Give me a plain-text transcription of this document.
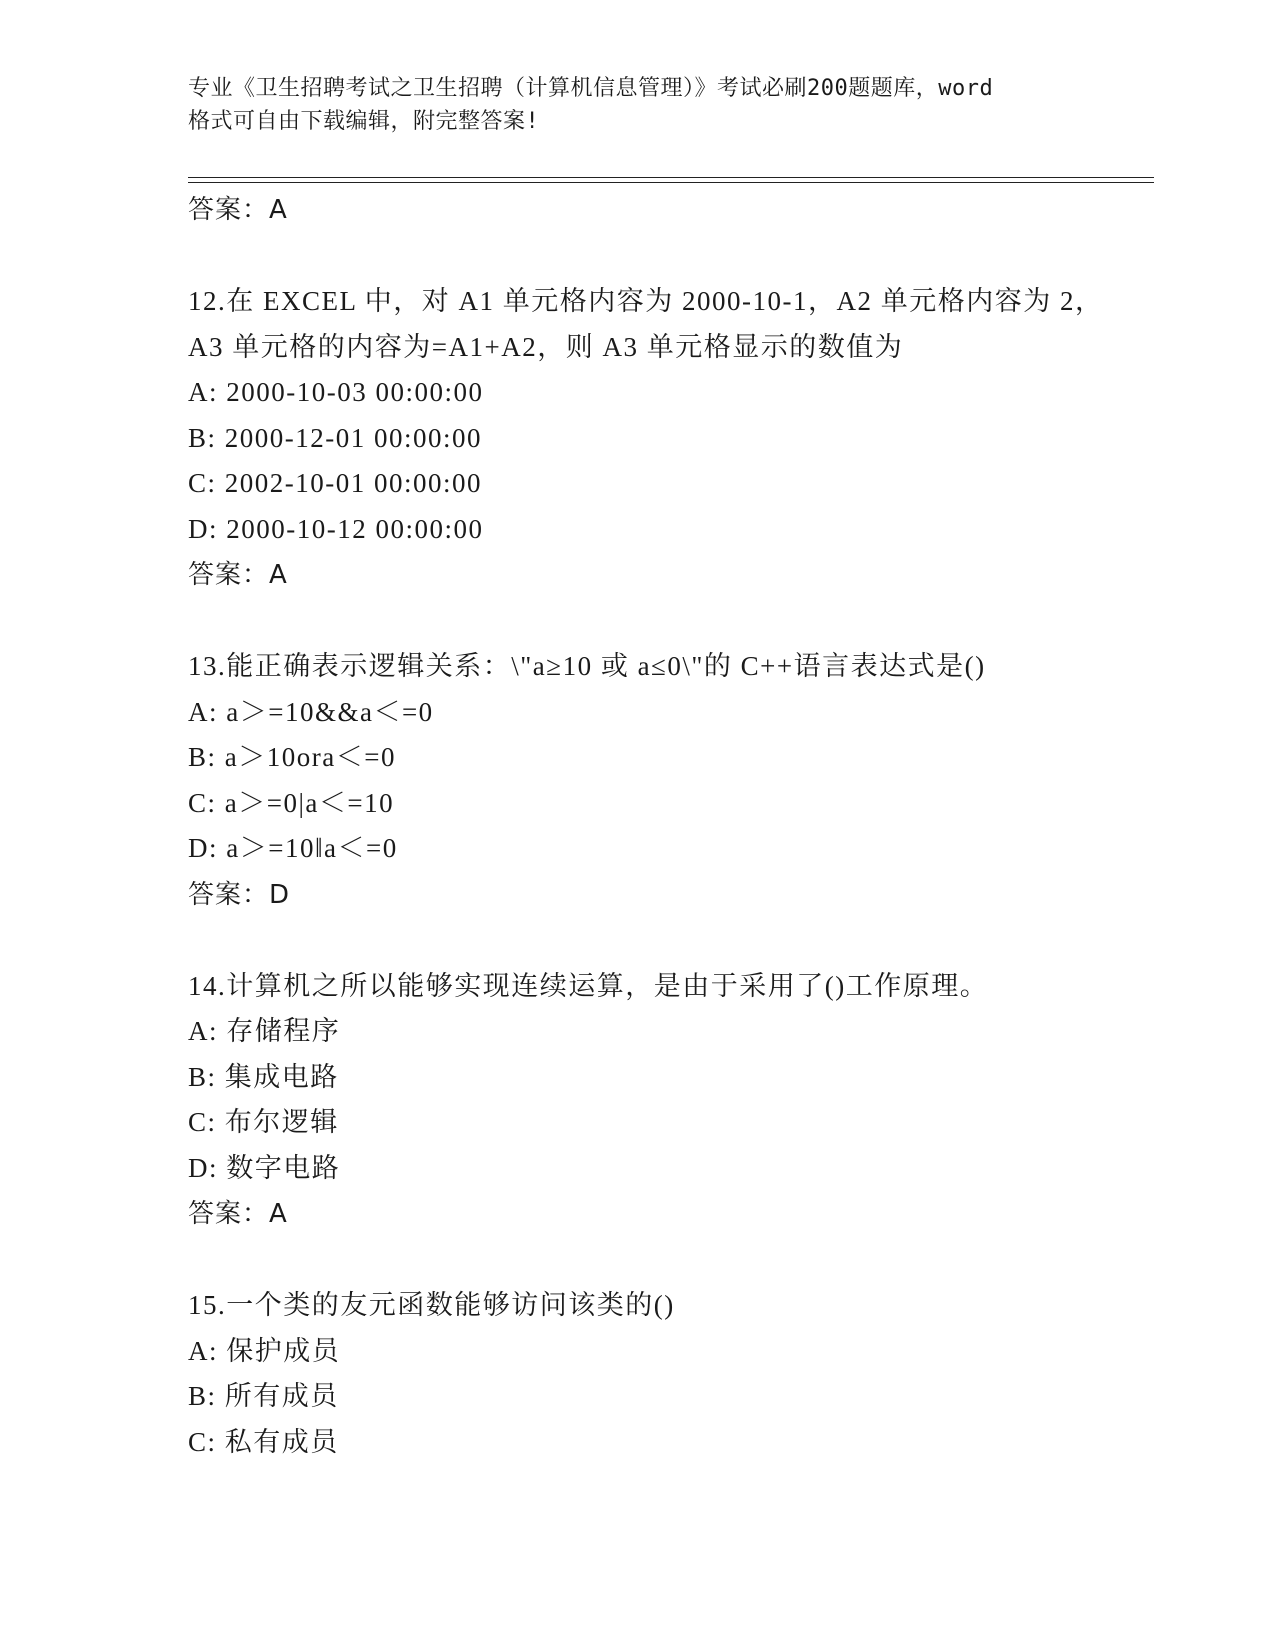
专业《卫生招聘考试之卫生招聘（计算机信息管理）》考试必刷200题题库，word
格式可自由下载编辑，附完整答案!
答案：A
12.在 EXCEL 中，对 A1 单元格内容为 2000-10-1，A2 单元格内容为 2，
A3 单元格的内容为=A1+A2，则 A3 单元格显示的数值为
A: 2000-10-03 00:00:00
B: 2000-12-01 00:00:00
C: 2002-10-01 00:00:00
D: 2000-10-12 00:00:00
答案：A
13.能正确表示逻辑关系：\"a≥10 或 a≤0\"的 C++语言表达式是()
A: a＞=10&&a＜=0
B: a＞10ora＜=0
C: a＞=0|a＜=10
D: a＞=10‖a＜=0
答案：D
14.计算机之所以能够实现连续运算，是由于采用了()工作原理。
A: 存储程序
B: 集成电路
C: 布尔逻辑
D: 数字电路
答案：A
15.一个类的友元函数能够访问该类的()
A: 保护成员
B: 所有成员
C: 私有成员
